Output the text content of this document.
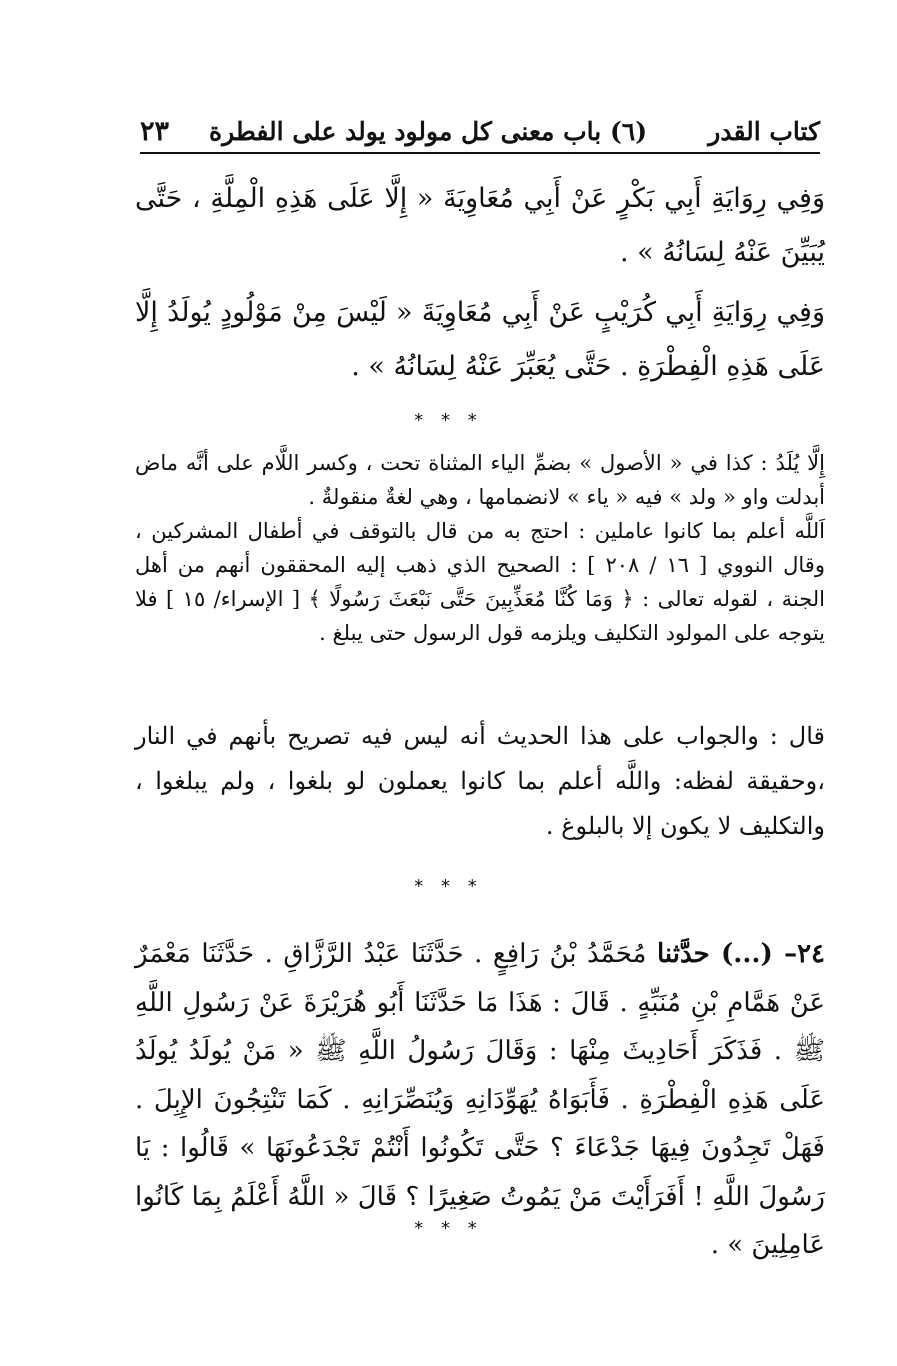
كتاب القدر
(٦) باب معنى كل مولود يولد على الفطرة
٢٣

وَفِي رِوَايَةِ أَبِي بَكْرٍ عَنْ أَبِي مُعَاوِيَةَ « إِلَّا عَلَى هَذِهِ الْمِلَّةِ ، حَتَّى يُبَيِّنَ عَنْهُ لِسَانُهُ » .

وَفِي رِوَايَةِ أَبِي كُرَيْبٍ عَنْ أَبِي مُعَاوِيَةَ « لَيْسَ مِنْ مَوْلُودٍ يُولَدُ إِلَّا عَلَى هَذِهِ الْفِطْرَةِ . حَتَّى يُعَبِّرَ عَنْهُ لِسَانُهُ » .

* * *

إِلَّا يُلَدُ : كذا في « الأصول » بضمِّ الياء المثناة تحت ، وكسر اللَّام على أنَّه ماض أبدلت واو « ولد » فيه « ياء » لانضمامها ، وهي لغةٌ منقولةٌ .

اَللَّه أعلم بما كانوا عاملين : احتج به من قال بالتوقف في أطفال المشركين ، وقال النووي [ ١٦ / ٢٠٨ ] : الصحيح الذي ذهب إليه المحققون أنهم من أهل الجنة ، لقوله تعالى : ﴿ وَمَا كُنَّا مُعَذِّبِينَ حَتَّى نَبْعَثَ رَسُولًا ﴾ [ الإسراء/ ١٥ ] فلا يتوجه على المولود التكليف ويلزمه قول الرسول حتى يبلغ .

قال : والجواب على هذا الحديث أنه ليس فيه تصريح بأنهم في النار ،وحقيقة لفظه: واللَّه أعلم بما كانوا يعملون لو بلغوا ، ولم يبلغوا ، والتكليف لا يكون إلا بالبلوغ .

* * *

٢٤– (...) حدَّثنا مُحَمَّدُ بْنُ رَافِعٍ . حَدَّثَنَا عَبْدُ الرَّزَّاقِ . حَدَّثَنَا مَعْمَرٌ عَنْ هَمَّامِ بْنِ مُنَبِّهٍ . قَالَ : هَذَا مَا حَدَّثَنَا أَبُو هُرَيْرَةَ عَنْ رَسُولِ اللَّهِ ﷺ . فَذَكَرَ أَحَادِيثَ مِنْهَا : وَقَالَ رَسُولُ اللَّهِ ﷺ « مَنْ يُولَدُ يُولَدُ عَلَى هَذِهِ الْفِطْرَةِ . فَأَبَوَاهُ يُهَوِّدَانِهِ وَيُنَصِّرَانِهِ . كَمَا تَنْتِجُونَ الإِبِلَ . فَهَلْ تَجِدُونَ فِيهَا جَدْعَاءَ ؟ حَتَّى تَكُونُوا أَنْتُمْ تَجْدَعُونَهَا » قَالُوا : يَا رَسُولَ اللَّهِ ! أَفَرَأَيْتَ مَنْ يَمُوتُ صَغِيرًا ؟ قَالَ « اللَّهُ أَعْلَمُ بِمَا كَانُوا عَامِلِينَ » .

* * *
